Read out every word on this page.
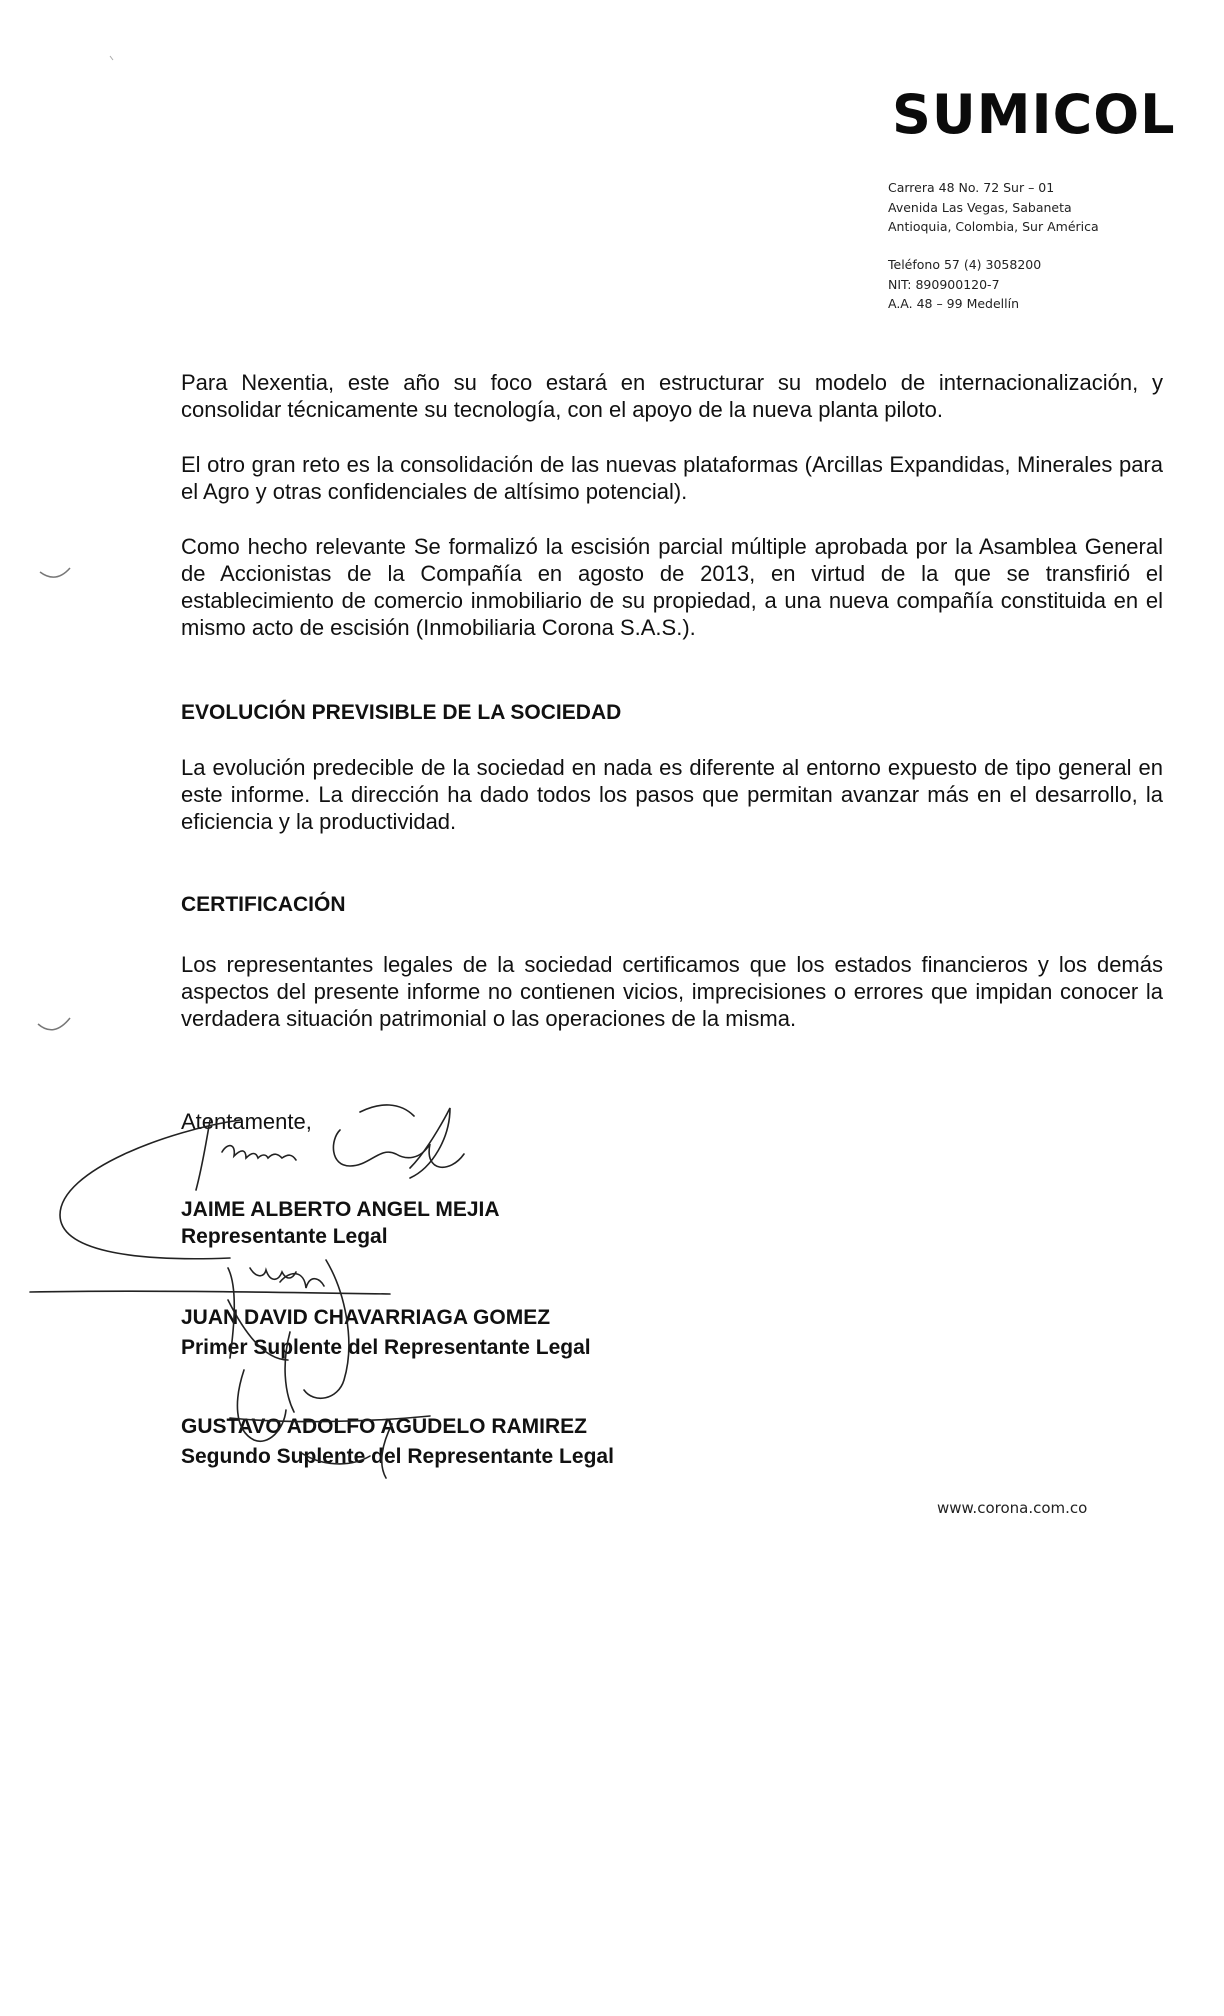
SUMICOL
Carrera 48 No. 72 Sur – 01
Avenida Las Vegas, Sabaneta
Antioquia, Colombia, Sur América
Teléfono 57 (4) 3058200
NIT: 890900120-7
A.A. 48 – 99 Medellín

Para Nexentia, este año su foco estará en estructurar su modelo de internacionalización, y consolidar técnicamente su tecnología, con el apoyo de la nueva planta piloto.

El otro gran reto es la consolidación de las nuevas plataformas (Arcillas Expandidas, Minerales para el Agro y otras confidenciales de altísimo potencial).

Como hecho relevante Se formalizó la escisión parcial múltiple aprobada por la Asamblea General de Accionistas de la Compañía en agosto de 2013, en virtud de la que se transfirió el establecimiento de comercio inmobiliario de su propiedad, a una nueva compañía constituida en el mismo acto de escisión (Inmobiliaria Corona S.A.S.).

EVOLUCIÓN PREVISIBLE DE LA SOCIEDAD

La evolución predecible de la sociedad en nada es diferente al entorno expuesto de tipo general en este informe. La dirección ha dado todos los pasos que permitan avanzar más en el desarrollo, la eficiencia y la productividad.

CERTIFICACIÓN

Los representantes legales de la sociedad certificamos que los estados financieros y los demás aspectos del presente informe no contienen vicios, imprecisiones o errores que impidan conocer la verdadera situación patrimonial o las operaciones de la misma.

Atentamente,

JAIME ALBERTO ANGEL MEJIA

Representante Legal

JUAN DAVID CHAVARRIAGA GOMEZ

Primer Suplente del Representante Legal

GUSTAVO ADOLFO AGUDELO RAMIREZ

Segundo Suplente del Representante Legal

www.corona.com.co
